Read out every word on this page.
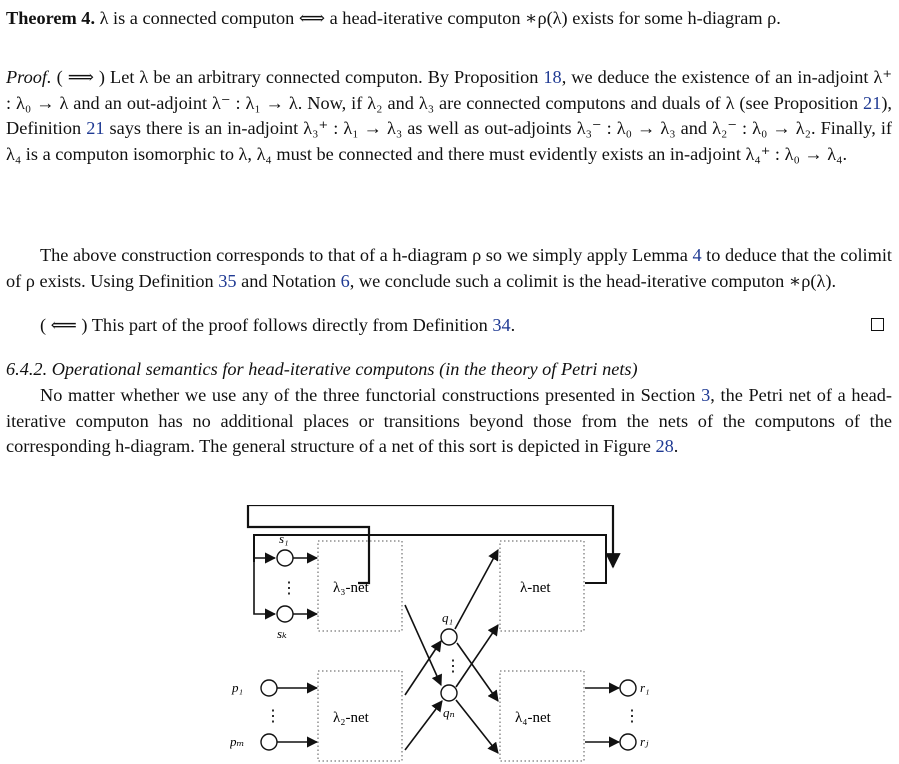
Theorem 4. λ is a connected computon ⟺ a head-iterative computon ∗ρ(λ) exists for some h-diagram ρ.

Proof. ( ⟹ ) Let λ be an arbitrary connected computon. By Proposition 18, we deduce the existence of an in-adjoint λ⁺ : λ₀ → λ and an out-adjoint λ⁻ : λ₁ → λ. Now, if λ₂ and λ₃ are connected computons and duals of λ (see Proposition 21), Definition 21 says there is an in-adjoint λ₃⁺ : λ₁ → λ₃ as well as out-adjoints λ₃⁻ : λ₀ → λ₃ and λ₂⁻ : λ₀ → λ₂. Finally, if λ₄ is a computon isomorphic to λ, λ₄ must be connected and there must evidently exists an in-adjoint λ₄⁺ : λ₀ → λ₄.

The above construction corresponds to that of a h-diagram ρ so we simply apply Lemma 4 to deduce that the colimit of ρ exists. Using Definition 35 and Notation 6, we conclude such a colimit is the head-iterative computon ∗ρ(λ).

( ⟸ ) This part of the proof follows directly from Definition 34.

6.4.2. Operational semantics for head-iterative computons (in the theory of Petri nets)

No matter whether we use any of the three functorial constructions presented in Section 3, the Petri net of a head-iterative computon has no additional places or transitions beyond those from the nets of the computons of the corresponding h-diagram. The general structure of a net of this sort is depicted in Figure 28.

λ₃-net	λ-net
λ₂-net	λ₄-net
s₁
sₖ
⋮
q₁
qₙ
⋮
p₁
pₘ
⋮
r₁
rⱼ
⋮
